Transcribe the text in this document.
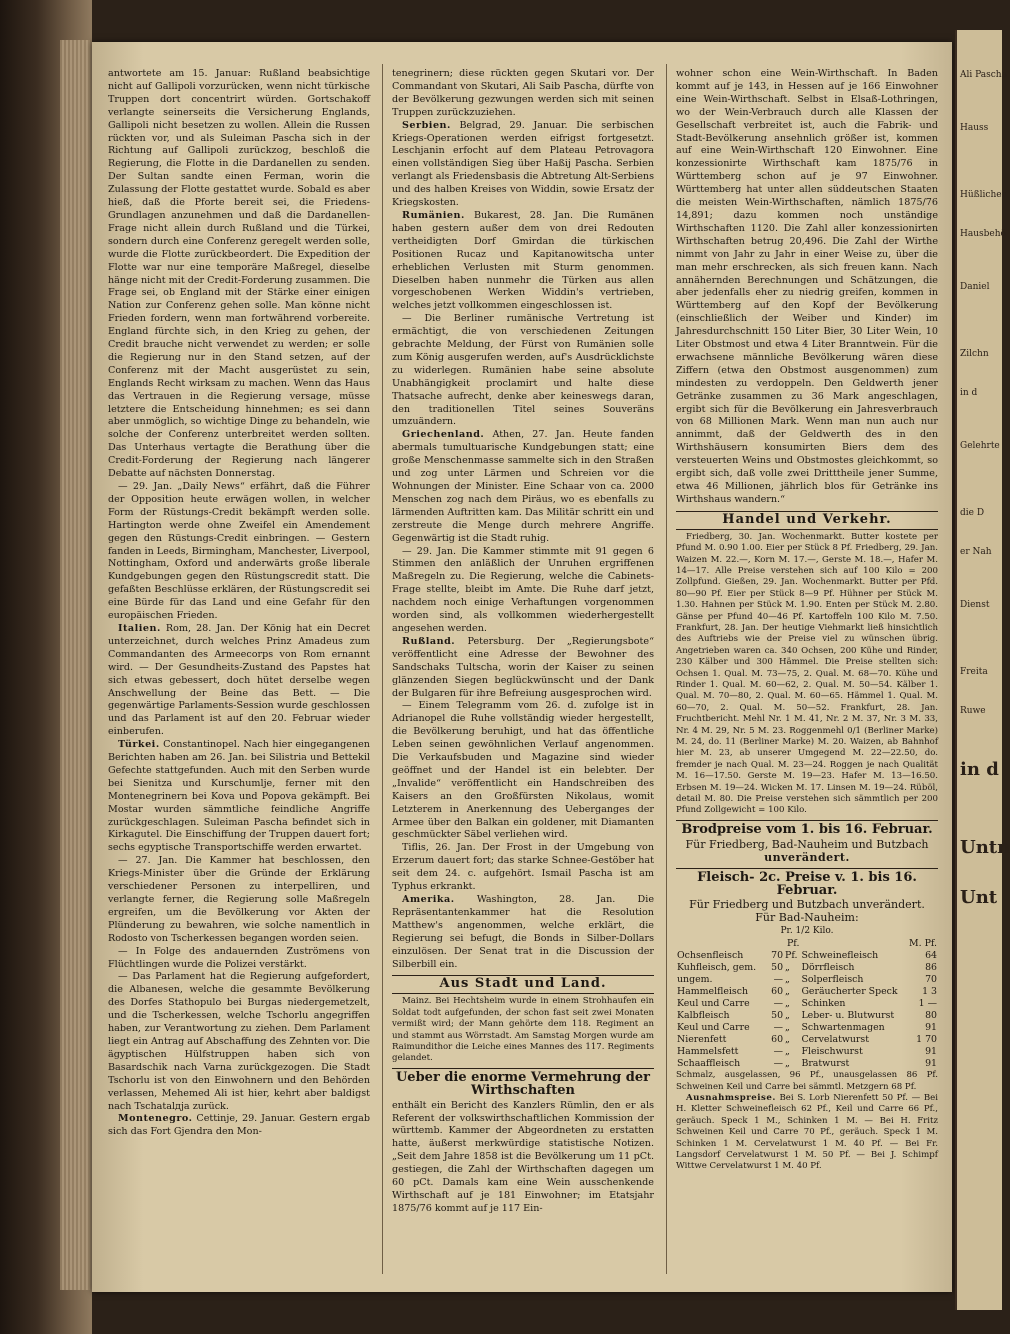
antwortete am 15. Januar: Rußland beabsichtige nicht auf Gallipoli vorzurücken, wenn nicht türkische Truppen dort concentrirt würden. Gortschakoff verlangte seinerseits die Versicherung Englands, Gallipoli nicht besetzen zu wollen. Allein die Russen rückten vor, und als Suleiman Pascha sich in der Richtung auf Gallipoli zurückzog, beschloß die Regierung, die Flotte in die Dardanellen zu senden. Der Sultan sandte einen Ferman, worin die Zulassung der Flotte gestattet wurde. Sobald es aber hieß, daß die Pforte bereit sei, die Friedens-Grundlagen anzunehmen und daß die Dardanellen-Frage nicht allein durch Rußland und die Türkei, sondern durch eine Conferenz geregelt werden solle, wurde die Flotte zurückbeordert. Die Expedition der Flotte war nur eine temporäre Maßregel, dieselbe hänge nicht mit der Credit-Forderung zusammen. Die Frage sei, ob England mit der Stärke einer einigen Nation zur Conferenz gehen solle. Man könne nicht Frieden fordern, wenn man fortwährend vorbereite. England fürchte sich, in den Krieg zu gehen, der Credit brauche nicht verwendet zu werden; er solle die Regierung nur in den Stand setzen, auf der Conferenz mit der Macht ausgerüstet zu sein, Englands Recht wirksam zu machen. Wenn das Haus das Vertrauen in die Regierung versage, müsse letztere die Entscheidung hinnehmen; es sei dann aber unmöglich, so wichtige Dinge zu behandeln, wie solche der Conferenz unterbreitet werden sollten. Das Unterhaus vertagte die Berathung über die Credit-Forderung der Regierung nach längerer Debatte auf nächsten Donnerstag.

— 29. Jan. „Daily News“ erfährt, daß die Führer der Opposition heute erwägen wollen, in welcher Form der Rüstungs-Credit bekämpft werden solle. Hartington werde ohne Zweifel ein Amendement gegen den Rüstungs-Credit einbringen. — Gestern fanden in Leeds, Birmingham, Manchester, Liverpool, Nottingham, Oxford und anderwärts große liberale Kundgebungen gegen den Rüstungscredit statt. Die gefaßten Beschlüsse erklären, der Rüstungscredit sei eine Bürde für das Land und eine Gefahr für den europäischen Frieden.

Italien. Rom, 28. Jan. Der König hat ein Decret unterzeichnet, durch welches Prinz Amadeus zum Commandanten des Armeecorps von Rom ernannt wird. — Der Gesundheits-Zustand des Papstes hat sich etwas gebessert, doch hütet derselbe wegen Anschwellung der Beine das Bett. — Die gegenwärtige Parlaments-Session wurde geschlossen und das Parlament ist auf den 20. Februar wieder einberufen.

Türkei. Constantinopel. Nach hier eingegangenen Berichten haben am 26. Jan. bei Silistria und Bettekil Gefechte stattgefunden. Auch mit den Serben wurde bei Sienitza und Kurschumlje, ferner mit den Montenegrinern bei Kova und Popova gekämpft. Bei Mostar wurden sämmtliche feindliche Angriffe zurückgeschlagen. Suleiman Pascha befindet sich in Kirkagutel. Die Einschiffung der Truppen dauert fort; sechs egyptische Transportschiffe werden erwartet.

— 27. Jan. Die Kammer hat beschlossen, den Kriegs-Minister über die Gründe der Erklärung verschiedener Personen zu interpelliren, und verlangte ferner, die Regierung solle Maßregeln ergreifen, um die Bevölkerung vor Akten der Plünderung zu bewahren, wie solche namentlich in Rodosto von Tscherkessen begangen worden seien.

— In Folge des andauernden Zuströmens von Flüchtlingen wurde die Polizei verstärkt.

— Das Parlament hat die Regierung aufgefordert, die Albanesen, welche die gesammte Bevölkerung des Dorfes Stathopulo bei Burgas niedergemetzelt, und die Tscherkessen, welche Tschorlu angegriffen haben, zur Verantwortung zu ziehen. Dem Parlament liegt ein Antrag auf Abschaffung des Zehnten vor. Die ägyptischen Hülfstruppen haben sich von Basardschik nach Varna zurückgezogen. Die Stadt Tschorlu ist von den Einwohnern und den Behörden verlassen, Mehemed Ali ist hier, kehrt aber baldigst nach Tschatalдja zurück.

Montenegro. Cettinje, 29. Januar. Gestern ergab sich das Fort Gjendra den Mon-

tenegrinern; diese rückten gegen Skutari vor. Der Commandant von Skutari, Ali Saib Pascha, dürfte von der Bevölkerung gezwungen werden sich mit seinen Truppen zurückzuziehen.

Serbien. Belgrad, 29. Januar. Die serbischen Kriegs-Operationen werden eifrigst fortgesetzt. Leschjanin erfocht auf dem Plateau Petrovagora einen vollständigen Sieg über Haßij Pascha. Serbien verlangt als Friedensbasis die Abtretung Alt-Serbiens und des halben Kreises von Widdin, sowie Ersatz der Kriegskosten.

Rumänien. Bukarest, 28. Jan. Die Rumänen haben gestern außer dem von drei Redouten vertheidigten Dorf Gmirdan die türkischen Positionen Rucaz und Kapitanowitscha unter erheblichen Verlusten mit Sturm genommen. Dieselben haben nunmehr die Türken aus allen vorgeschobenen Werken Widdin's vertrieben, welches jetzt vollkommen eingeschlossen ist.

— Die Berliner rumänische Vertretung ist ermächtigt, die von verschiedenen Zeitungen gebrachte Meldung, der Fürst von Rumänien solle zum König ausgerufen werden, auf's Ausdrücklichste zu widerlegen. Rumänien habe seine absolute Unabhängigkeit proclamirt und halte diese Thatsache aufrecht, denke aber keineswegs daran, den traditionellen Titel seines Souveräns umzuändern.

Griechenland. Athen, 27. Jan. Heute fanden abermals tumultuarische Kundgebungen statt; eine große Menschenmasse sammelte sich in den Straßen und zog unter Lärmen und Schreien vor die Wohnungen der Minister. Eine Schaar von ca. 2000 Menschen zog nach dem Piräus, wo es ebenfalls zu lärmenden Auftritten kam. Das Militär schritt ein und zerstreute die Menge durch mehrere Angriffe. Gegenwärtig ist die Stadt ruhig.

— 29. Jan. Die Kammer stimmte mit 91 gegen 6 Stimmen den anläßlich der Unruhen ergriffenen Maßregeln zu. Die Regierung, welche die Cabinets-Frage stellte, bleibt im Amte. Die Ruhe darf jetzt, nachdem noch einige Verhaftungen vorgenommen worden sind, als vollkommen wiederhergestellt angesehen werden.

Rußland. Petersburg. Der „Regierungsbote“ veröffentlicht eine Adresse der Bewohner des Sandschaks Tultscha, worin der Kaiser zu seinen glänzenden Siegen beglückwünscht und der Dank der Bulgaren für ihre Befreiung ausgesprochen wird.

— Einem Telegramm vom 26. d. zufolge ist in Adrianopel die Ruhe vollständig wieder hergestellt, die Bevölkerung beruhigt, und hat das öffentliche Leben seinen gewöhnlichen Verlauf angenommen. Die Verkaufsbuden und Magazine sind wieder geöffnet und der Handel ist ein belebter. Der „Invalide“ veröffentlicht ein Handschreiben des Kaisers an den Großfürsten Nikolaus, womit Letzterem in Anerkennung des Ueberganges der Armee über den Balkan ein goldener, mit Diamanten geschmückter Säbel verliehen wird.

Tiflis, 26. Jan. Der Frost in der Umgebung von Erzerum dauert fort; das starke Schnee-Gestöber hat seit dem 24. c. aufgehört. Ismail Pascha ist am Typhus erkrankt.

Amerika. Washington, 28. Jan. Die Repräsentantenkammer hat die Resolution Matthew's angenommen, welche erklärt, die Regierung sei befugt, die Bonds in Silber-Dollars einzulösen. Der Senat trat in die Discussion der Silberbill ein.

Aus Stadt und Land.

Mainz. Bei Hechtsheim wurde in einem Strohhaufen ein Soldat todt aufgefunden, der schon fast seit zwei Monaten vermißt wird; der Mann gehörte dem 118. Regiment an und stammt aus Wörrstadt. Am Samstag Morgen wurde am Raimundithor die Leiche eines Mannes des 117. Regiments gelandet.

Ueber die enorme Vermehrung der Wirthschaften

enthält ein Bericht des Kanzlers Rümlin, den er als Referent der volkswirthschaftlichen Kommission der württemb. Kammer der Abgeordneten zu erstatten hatte, äußerst merkwürdige statistische Notizen. „Seit dem Jahre 1858 ist die Bevölkerung um 11 pCt. gestiegen, die Zahl der Wirthschaften dagegen um 60 pCt. Damals kam eine Wein ausschenkende Wirthschaft auf je 181 Einwohner; im Etatsjahr 1875/76 kommt auf je 117 Ein-

wohner schon eine Wein-Wirthschaft. In Baden kommt auf je 143, in Hessen auf je 166 Einwohner eine Wein-Wirthschaft. Selbst in Elsaß-Lothringen, wo der Wein-Verbrauch durch alle Klassen der Gesellschaft verbreitet ist, auch die Fabrik- und Stadt-Bevölkerung ansehnlich größer ist, kommen auf eine Wein-Wirthschaft 120 Einwohner. Eine konzessionirte Wirthschaft kam 1875/76 in Württemberg schon auf je 97 Einwohner. Württemberg hat unter allen süddeutschen Staaten die meisten Wein-Wirthschaften, nämlich 1875/76 14,891; dazu kommen noch unständige Wirthschaften 1120. Die Zahl aller konzessionirten Wirthschaften betrug 20,496. Die Zahl der Wirthe nimmt von Jahr zu Jahr in einer Weise zu, über die man mehr erschrecken, als sich freuen kann. Nach annähernden Berechnungen und Schätzungen, die aber jedenfalls eher zu niedrig greifen, kommen in Württemberg auf den Kopf der Bevölkerung (einschließlich der Weiber und Kinder) im Jahresdurchschnitt 150 Liter Bier, 30 Liter Wein, 10 Liter Obstmost und etwa 4 Liter Branntwein. Für die erwachsene männliche Bevölkerung wären diese Ziffern (etwa den Obstmost ausgenommen) zum mindesten zu verdoppeln. Den Geldwerth jener Getränke zusammen zu 36 Mark angeschlagen, ergibt sich für die Bevölkerung ein Jahresverbrauch von 68 Millionen Mark. Wenn man nun auch nur annimmt, daß der Geldwerth des in den Wirthshäusern konsumirten Biers dem des versteuerten Weins und Obstmostes gleichkommt, so ergibt sich, daß volle zwei Dritttheile jener Summe, etwa 46 Millionen, jährlich blos für Getränke ins Wirthshaus wandern.“

Handel und Verkehr.

Friedberg, 30. Jan. Wochenmarkt. Butter kostete per Pfund M. 0.90 1.00. Eier per Stück 8 Pf. Friedberg, 29. Jan. Waizen M. 22.—, Korn M. 17.—, Gerste M. 18.—, Hafer M. 14—17. Alle Preise verstehen sich auf 100 Kilo = 200 Zollpfund. Gießen, 29. Jan. Wochenmarkt. Butter per Pfd. 80—90 Pf. Eier per Stück 8—9 Pf. Hühner per Stück M. 1.30. Hahnen per Stück M. 1.90. Enten per Stück M. 2.80. Gänse per Pfund 40—46 Pf. Kartoffeln 100 Kilo M. 7.50. Frankfurt, 28. Jan. Der heutige Viehmarkt ließ hinsichtlich des Auftriebs wie der Preise viel zu wünschen übrig. Angetrieben waren ca. 340 Ochsen, 200 Kühe und Rinder, 230 Kälber und 300 Hämmel. Die Preise stellten sich: Ochsen 1. Qual. M. 73—75, 2. Qual. M. 68—70. Kühe und Rinder 1. Qual. M. 60—62, 2. Qual. M. 50—54. Kälber 1. Qual. M. 70—80, 2. Qual. M. 60—65. Hämmel 1. Qual. M. 60—70, 2. Qual. M. 50—52. Frankfurt, 28. Jan. Fruchtbericht. Mehl Nr. 1 M. 41, Nr. 2 M. 37, Nr. 3 M. 33, Nr. 4 M. 29, Nr. 5 M. 23. Roggenmehl 0/1 (Berliner Marke) M. 24, do. 11 (Berliner Marke) M. 20. Waizen, ab Bahnhof hier M. 23, ab unserer Umgegend M. 22—22.50, do. fremder je nach Qual. M. 23—24. Roggen je nach Qualität M. 16—17.50. Gerste M. 19—23. Hafer M. 13—16.50. Erbsen M. 19—24. Wicken M. 17. Linsen M. 19—24. Rüböl, detail M. 80. Die Preise verstehen sich sämmtlich per 200 Pfund Zollgewicht = 100 Kilo.

Brodpreise vom 1. bis 16. Februar.
Für Friedberg, Bad-Nauheim und Butzbach
unverändert.
Fleisch- 2c. Preise v. 1. bis 16. Februar.
Für Friedberg und Butzbach unverändert.
Für Bad-Nauheim:
Pr. 1/2 Kilo.
Pf.			M. Pf.	
Ochsenfleisch	70	Pf.	Schweinefleisch	64
Kuhfleisch, gem.	50	„	Dörrfleisch	86
ungem.	—	„	Solperfleisch	70
Hammelfleisch	60	„	Geräucherter Speck	1 3
Keul und Carre	—	„	Schinken	1 —
Kalbfleisch	50	„	Leber- u. Blutwurst	80
Keul und Carre	—	„	Schwartenmagen	91
Nierenfett	60	„	Cervelatwurst	1 70
Hammelsfett	—	„	Fleischwurst	91
Schaaffleisch	—	„	Bratwurst	91

Schmalz, ausgelassen, 96 Pf., unausgelassen 86 Pf. Schweinen Keil und Carre bei sämmtl. Metzgern 68 Pf.

Ausnahmspreise. Bei S. Lorb Nierenfett 50 Pf. — Bei H. Kletter Schweinefleisch 62 Pf., Keil und Carre 66 Pf., geräuch. Speck 1 M., Schinken 1 M. — Bei H. Fritz Schweinen Keil und Carre 70 Pf., geräuch. Speck 1 M. Schinken 1 M. Cervelatwurst 1 M. 40 Pf. — Bei Fr. Langsdorf Cervelatwurst 1 M. 50 Pf. — Bei J. Schimpf Wittwe Cervelatwurst 1 M. 40 Pf.

Ali Pascha
Hauss
Hüßlicher
Hausbehö
Daniel
Zilchn
in d
Gelehrte
die D
er Nah
Dienst
Freita
Ruwe
in d
Untn
Unt
